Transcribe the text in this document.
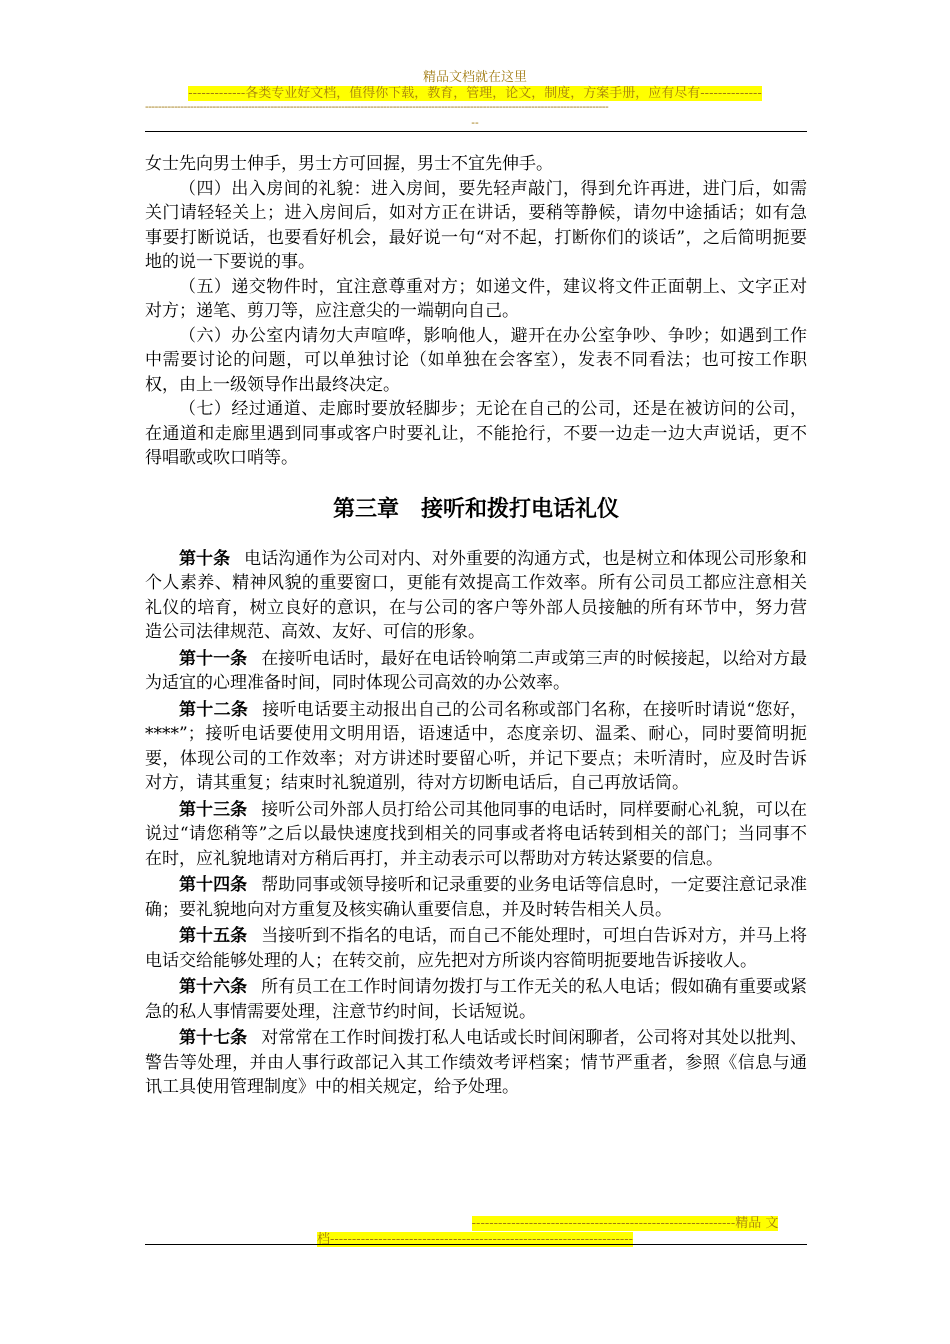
精品文档就在这里
-------------各类专业好文档，值得你下载，教育，管理，论文，制度，方案手册，应有尽有--------------
------------------------------------------------------------------------------------------------------------------------------------------------
--

女士先向男士伸手，男士方可回握，男士不宜先伸手。

（四）出入房间的礼貌：进入房间，要先轻声敲门，得到允许再进，进门后，如需关门请轻轻关上；进入房间后，如对方正在讲话，要稍等静候，请勿中途插话；如有急事要打断说话，也要看好机会，最好说一句“对不起，打断你们的谈话”，之后简明扼要地的说一下要说的事。

（五）递交物件时，宜注意尊重对方；如递文件，建议将文件正面朝上、文字正对对方；递笔、剪刀等，应注意尖的一端朝向自己。

（六）办公室内请勿大声喧哗，影响他人，避开在办公室争吵、争吵；如遇到工作中需要讨论的问题，可以单独讨论（如单独在会客室），发表不同看法；也可按工作职权，由上一级领导作出最终决定。

（七）经过通道、走廊时要放轻脚步；无论在自己的公司，还是在被访问的公司，在通道和走廊里遇到同事或客户时要礼让，不能抢行，不要一边走一边大声说话，更不得唱歌或吹口哨等。

第三章　接听和拨打电话礼仪

第十条 电话沟通作为公司对内、对外重要的沟通方式，也是树立和体现公司形象和个人素养、精神风貌的重要窗口，更能有效提高工作效率。所有公司员工都应注意相关礼仪的培育，树立良好的意识，在与公司的客户等外部人员接触的所有环节中，努力营造公司法律规范、高效、友好、可信的形象。

第十一条 在接听电话时，最好在电话铃响第二声或第三声的时候接起，以给对方最为适宜的心理准备时间，同时体现公司高效的办公效率。

第十二条 接听电话要主动报出自己的公司名称或部门名称，在接听时请说“您好，****”；接听电话要使用文明用语，语速适中，态度亲切、温柔、耐心，同时要简明扼要，体现公司的工作效率；对方讲述时要留心听，并记下要点；未听清时，应及时告诉对方，请其重复；结束时礼貌道别，待对方切断电话后，自己再放话筒。

第十三条 接听公司外部人员打给公司其他同事的电话时，同样要耐心礼貌，可以在说过“请您稍等”之后以最快速度找到相关的同事或者将电话转到相关的部门；当同事不在时，应礼貌地请对方稍后再打，并主动表示可以帮助对方转达紧要的信息。

第十四条 帮助同事或领导接听和记录重要的业务电话等信息时，一定要注意记录准确；要礼貌地向对方重复及核实确认重要信息，并及时转告相关人员。

第十五条 当接听到不指名的电话，而自己不能处理时，可坦白告诉对方，并马上将电话交给能够处理的人；在转交前，应先把对方所谈内容简明扼要地告诉接收人。

第十六条 所有员工在工作时间请勿拨打与工作无关的私人电话；假如确有重要或紧急的私人事情需要处理，注意节约时间，长话短说。

第十七条 对常常在工作时间拨打私人电话或长时间闲聊者，公司将对其处以批判、警告等处理，并由人事行政部记入其工作绩效考评档案；情节严重者，参照《信息与通讯工具使用管理制度》中的相关规定，给予处理。

------------------------------------------------------------精品 文
档---------------------------------------------------------------------
